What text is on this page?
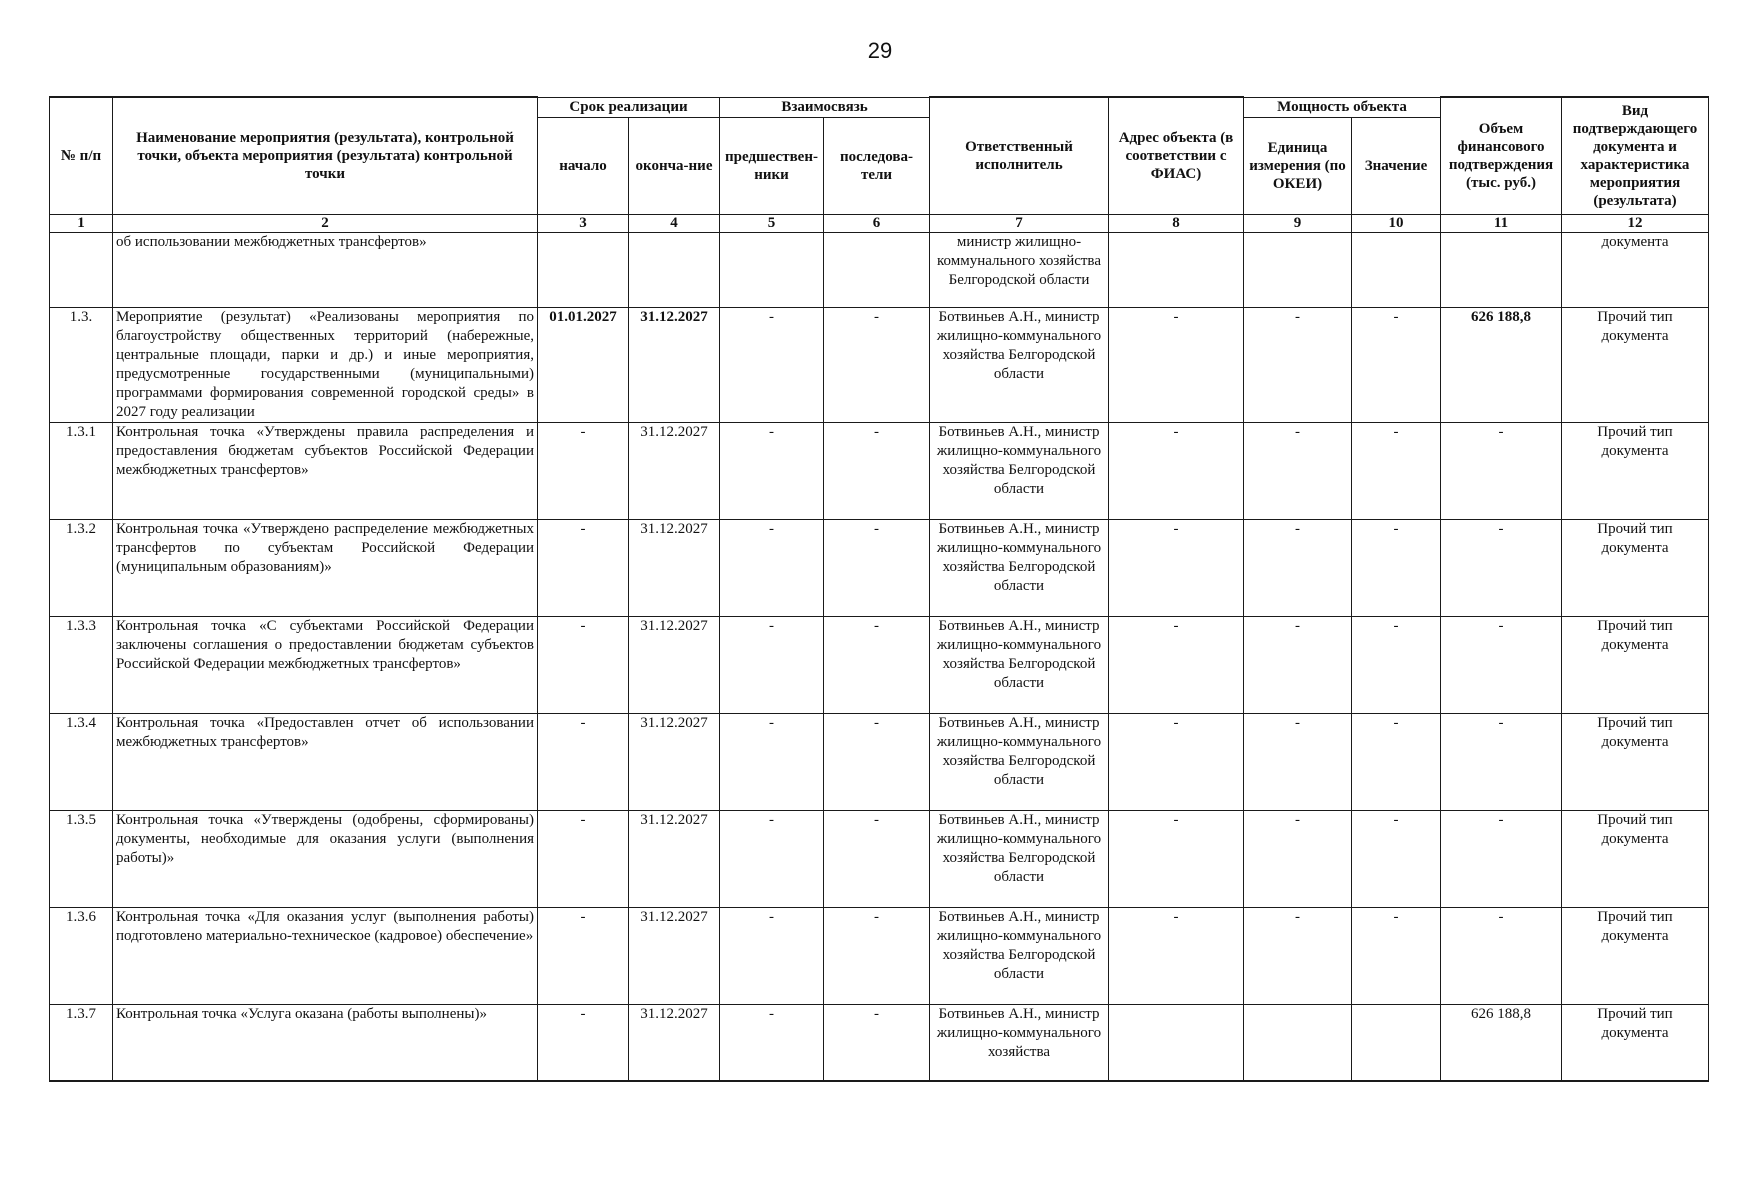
29
№ п/п	Наименование мероприятия (результата), контрольной точки, объекта мероприятия (результата) контрольной точки	Срок реализации		Взаимосвязь		Ответственный исполнитель	Адрес объекта (в соответствии с ФИАС)	Мощность объекта		Объем финансового подтверждения (тыс. руб.)	Вид подтверждающего документа и характеристика мероприятия (результата)
		начало	оконча-ние	предшествен-ники	последова-тели			Единица измерения (по ОКЕИ)	Значение		
1	2	3	4	5	6	7	8	9	10	11	12
	об использовании межбюджетных трансфертов»					министр жилищно-коммунального хозяйства Белгородской области					документа
1.3.	Мероприятие (результат) «Реализованы мероприятия по благоустройству общественных территорий (набережные, центральные площади, парки и др.) и иные мероприятия, предусмотренные государственными (муниципальными) программами формирования современной городской среды» в 2027 году реализации	01.01.2027	31.12.2027	-	-	Ботвиньев А.Н., министр жилищно-коммунального хозяйства Белгородской области	-	-	-	626 188,8	Прочий тип документа
1.3.1	Контрольная точка «Утверждены правила распределения и предоставления бюджетам субъектов Российской Федерации межбюджетных трансфертов»	-	31.12.2027	-	-	Ботвиньев А.Н., министр жилищно-коммунального хозяйства Белгородской области	-	-	-	-	Прочий тип документа
1.3.2	Контрольная точка «Утверждено распределение межбюджетных трансфертов по субъектам Российской Федерации (муниципальным образованиям)»	-	31.12.2027	-	-	Ботвиньев А.Н., министр жилищно-коммунального хозяйства Белгородской области	-	-	-	-	Прочий тип документа
1.3.3	Контрольная точка «С субъектами Российской Федерации заключены соглашения о предоставлении бюджетам субъектов Российской Федерации межбюджетных трансфертов»	-	31.12.2027	-	-	Ботвиньев А.Н., министр жилищно-коммунального хозяйства Белгородской области	-	-	-	-	Прочий тип документа
1.3.4	Контрольная точка «Предоставлен отчет об использовании межбюджетных трансфертов»	-	31.12.2027	-	-	Ботвиньев А.Н., министр жилищно-коммунального хозяйства Белгородской области	-	-	-	-	Прочий тип документа
1.3.5	Контрольная точка «Утверждены (одобрены, сформированы) документы, необходимые для оказания услуги (выполнения работы)»	-	31.12.2027	-	-	Ботвиньев А.Н., министр жилищно-коммунального хозяйства Белгородской области	-	-	-	-	Прочий тип документа
1.3.6	Контрольная точка «Для оказания услуг (выполнения работы) подготовлено материально-техническое (кадровое) обеспечение»	-	31.12.2027	-	-	Ботвиньев А.Н., министр жилищно-коммунального хозяйства Белгородской области	-	-	-	-	Прочий тип документа
1.3.7	Контрольная точка «Услуга оказана (работы выполнены)»	-	31.12.2027	-	-	Ботвиньев А.Н., министр жилищно-коммунального хозяйства				626 188,8	Прочий тип документа
